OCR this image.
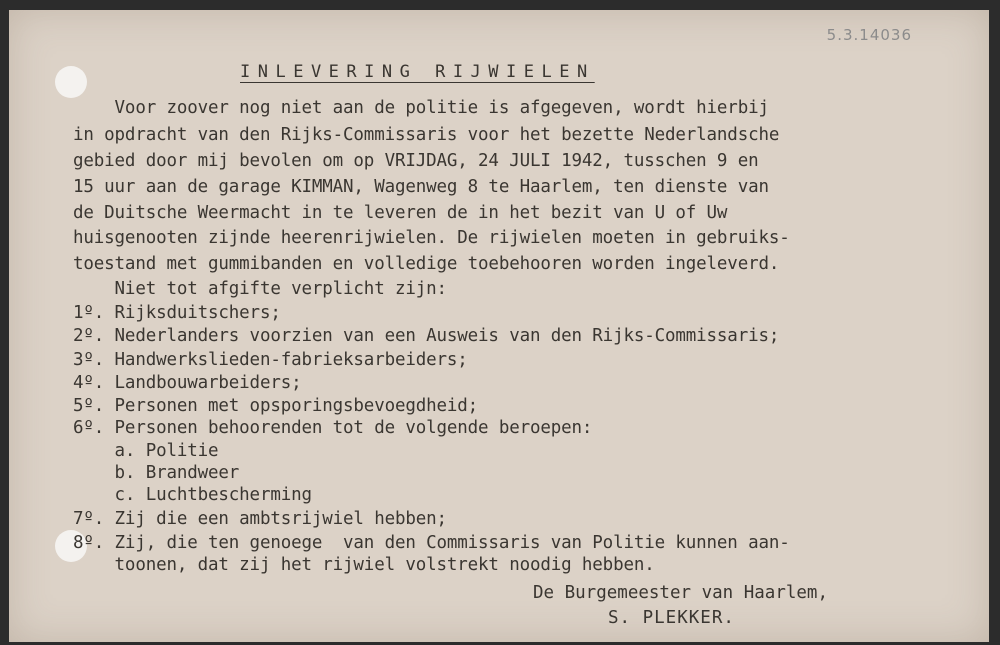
5.3.14036
INLEVERING RIJWIELEN
Voor zoover nog niet aan de politie is afgegeven, wordt hierbij
in opdracht van den Rijks-Commissaris voor het bezette Nederlandsche
gebied door mij bevolen om op VRIJDAG, 24 JULI 1942, tusschen 9 en
15 uur aan de garage KIMMAN, Wagenweg 8 te Haarlem, ten dienste van
de Duitsche Weermacht in te leveren de in het bezit van U of Uw
huisgenooten zijnde heerenrijwielen. De rijwielen moeten in gebruiks-
toestand met gummibanden en volledige toebehooren worden ingeleverd.
Niet tot afgifte verplicht zijn:
1º. Rijksduitschers;
2º. Nederlanders voorzien van een Ausweis van den Rijks-Commissaris;
3º. Handwerkslieden-fabrieksarbeiders;
4º. Landbouwarbeiders;
5º. Personen met opsporingsbevoegdheid;
6º. Personen behoorenden tot de volgende beroepen:
a. Politie
b. Brandweer
c. Luchtbescherming
7º. Zij die een ambtsrijwiel hebben;
8º. Zij, die ten genoege  van den Commissaris van Politie kunnen aan-
toonen, dat zij het rijwiel volstrekt noodig hebben.
De Burgemeester van Haarlem,
S. PLEKKER.
